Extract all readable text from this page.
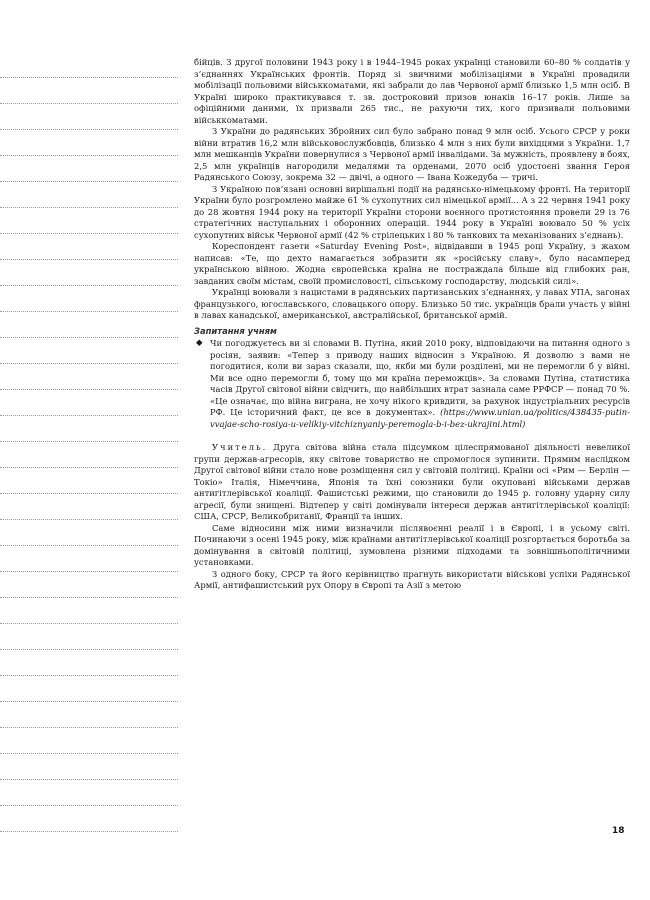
бійців. З другої половини 1943 року і в 1944–1945 роках українці становили 60–80 % солдатів у з’єднаннях Українських фронтів. Поряд зі звичними мобілізаціями в Україні провадили мобілізації польовими військкоматами, які забрали до лав Червоної армії близько 1,5 млн осіб. В Україні широко практикувався т. зв. достроковий призов юнаків 16–17 років. Лише за офіційними даними, їх призвали 265 тис., не рахуючи тих, кого призивали польовими військкоматами.

З України до радянських Збройних сил було забрано понад 9 млн осіб. Усього СРСР у роки війни втратив 16,2 млн військовослужбовців, близько 4 млн з них були вихідцями з України. 1,7 млн мешканців України повернулися з Червоної армії інвалідами. За мужність, проявлену в боях, 2,5 млн українців нагородили медалями та орденами, 2070 осіб удостоєні звання Героя Радянського Союзу, зокрема 32 — двічі, а одного — Івана Кожедуба — тричі.

З Україною пов’язані основні вирішальні події на радянсько-німецькому фронті. На території України було розгромлено майже 61 % сухопутних сил німецької армії... А з 22 червня 1941 року до 28 жовтня 1944 року на території України сторони воєнного протистояння провели 29 із 76 стратегічних наступальних і оборонних операцій. 1944 року в Україні воювало 50 % усіх сухопутних військ Червоної армії (42 % стрілецьких і 80 % танкових та механізованих з’єднань).

Кореспондент газети «Saturday Evening Post», відвідавши в 1945 році Україну, з жахом написав: «Те, що дехто намагається зобразити як «російську славу», було насамперед українською війною. Жодна європейська країна не постраждала більше від глибоких ран, завданих своїм містам, своїй промисловості, сільському господарству, людській силі».

Українці воювали з нацистами в радянських партизанських з’єднаннях, у лавах УПА, загонах французького, югославського, словацького опору. Близько 50 тис. українців брали участь у війні в лавах канадської, американської, австралійської, британської армій.

Запитання учням

◆ Чи погоджуєтесь ви зі словами В. Путіна, який 2010 року, відповідаючи на питання одного з росіян, заявив: «Тепер з приводу наших відносин з Україною. Я дозволю з вами не погодитися, коли ви зараз сказали, що, якби ми були розділені, ми не перемогли б у війні. Ми все одно перемогли б, тому що ми країна переможців». За словами Путіна, статистика часів Другої світової війни свідчить, що найбільших втрат зазнала саме РРФСР — понад 70 %. «Це означає, що війна виграна, не хочу нікого кривдити, за рахунок індустріальних ресурсів РФ. Це історичний факт, це все в документах». (https://www.unian.ua/politics/438435-putin-vvajae-scho-rosiya-u-velikiy-vitchiznyaniy-peremogla-b-i-bez-ukrajini.html)

Учитель. Друга світова війна стала підсумком цілеспрямованої діяльності невеликої групи держав-агресорів, яку світове товариство не спромоглося зупинити. Прямим наслідком Другої світової війни стало нове розміщення сил у світовій політиці. Країни осі «Рим — Берлін — Токіо» Італія, Німеччина, Японія та їхні союзники були окуповані військами держав антигітлерівської коаліції. Фашистські режими, що становили до 1945 р. головну ударну силу агресії, були знищені. Відтепер у світі домінували інтереси держав антигітлерівської коаліції: США, СРСР, Великобританії, Франції та інших.

Саме відносини між ними визначили післявоєнні реалії і в Європі, і в усьому світі. Починаючи з осені 1945 року, між країнами антигітлерівської коаліції розгортається боротьба за домінування в світовій політиці, зумовлена різними підходами та зовнішньополітичними установками.

З одного боку, СРСР та його керівництво прагнуть використати військові успіхи Радянської Армії, антифашистський рух Опору в Європі та Азії з метою

18
